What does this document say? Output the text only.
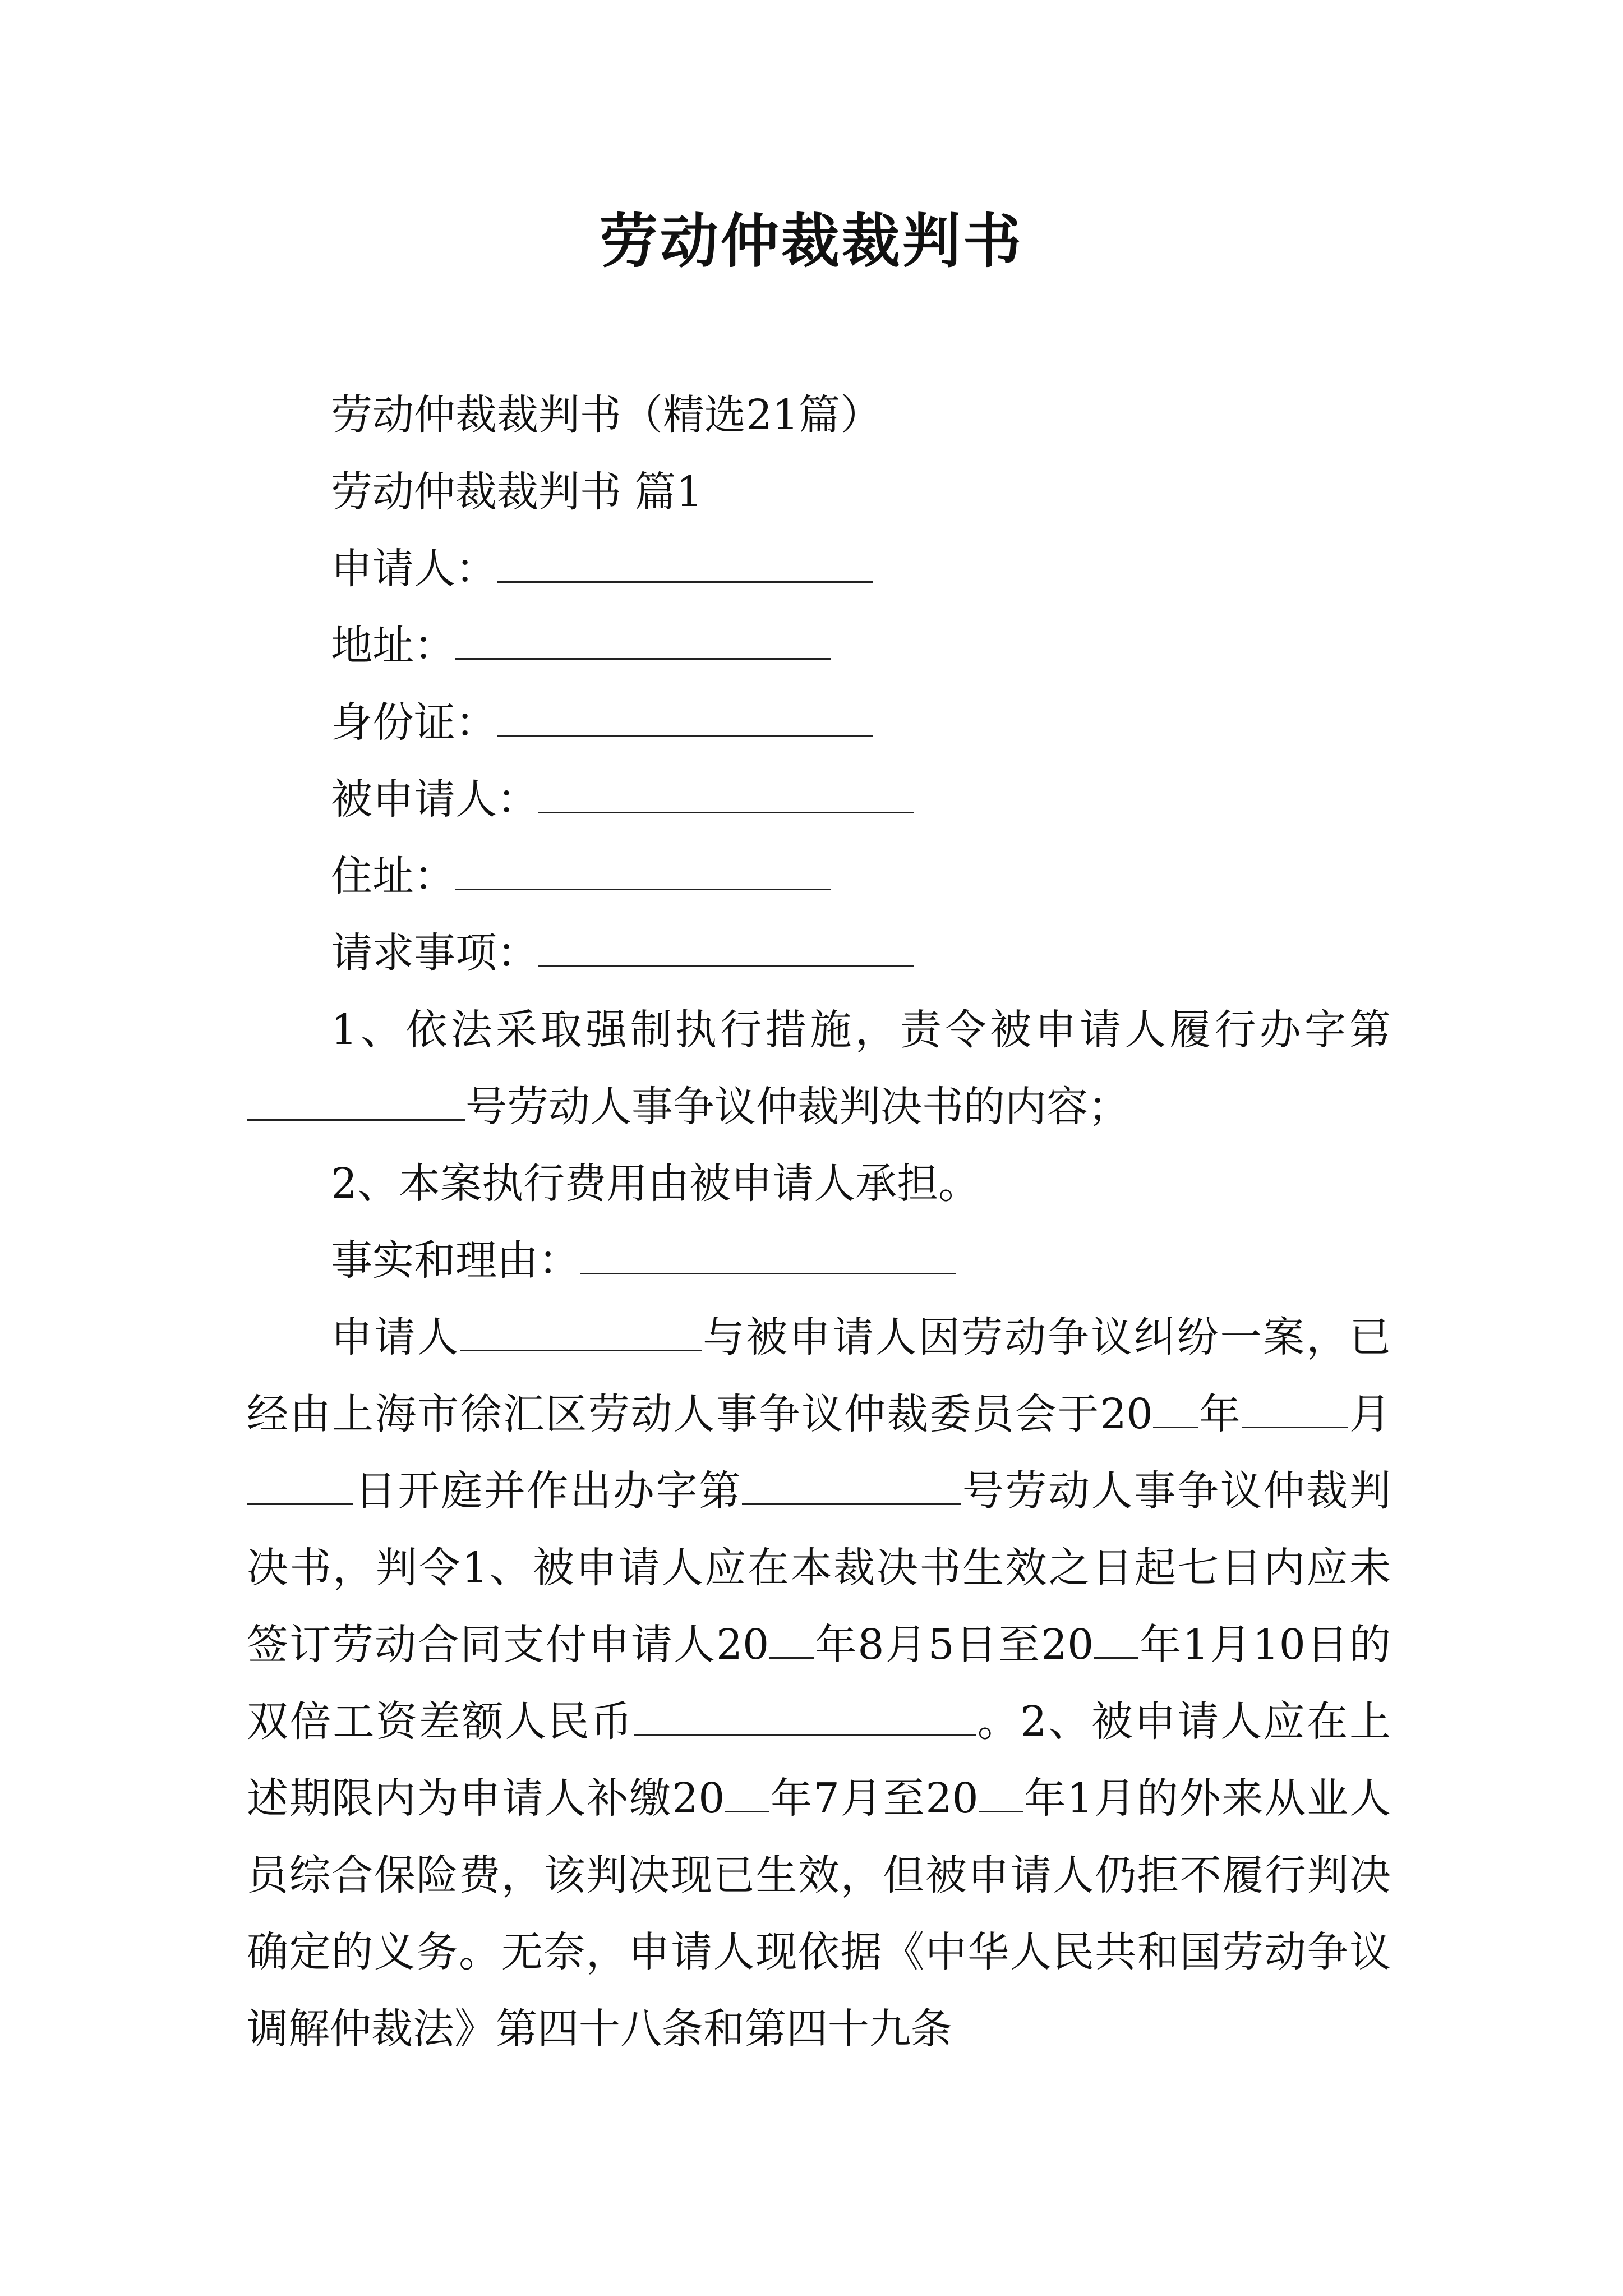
劳动仲裁裁判书

劳动仲裁裁判书（精选21篇）

劳动仲裁裁判书 篇1

申请人：

地址：

身份证：

被申请人：

住址：

请求事项：

1、依法采取强制执行措施，责令被申请人履行办字第号劳动人事争议仲裁判决书的内容；

2、本案执行费用由被申请人承担。

事实和理由：

申请人	与被申请人因劳动争议纠纷一案，已经由上海市徐汇区劳动人事争议仲裁委员会于20 年	月日开庭并作出办字第	号劳动人事争议仲裁判决书，判令1、被申请人应在本裁决书生效之日起七日内应未签订劳动合同支付申请人20 年8月5日至20 年1月10日的双倍工资差额人民币	。2、被申请人应在上述期限内为申请人补缴20 年7月至20 年1月的外来从业人员综合保险费，该判决现已生效，但被申请人仍拒不履行判决确定的义务。无奈，申请人现依据《中华人民共和国劳动争议调解仲裁法》第四十八条和第四十九条
